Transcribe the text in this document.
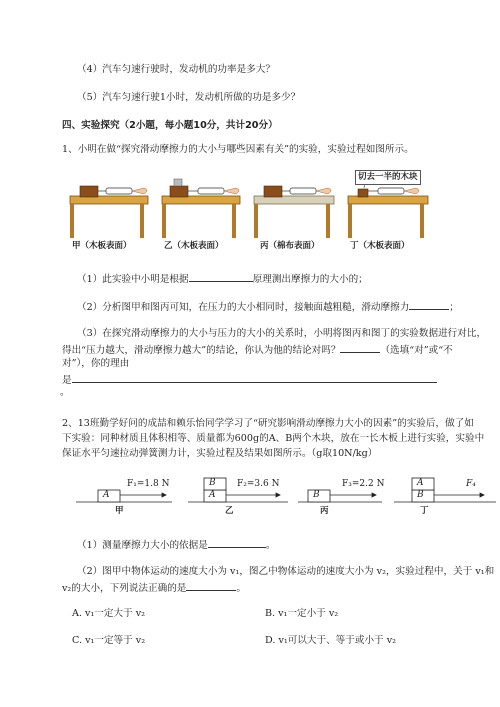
（4）汽车匀速行驶时，发动机的功率是多大？
（5）汽车匀速行驶1小时，发动机所做的功是多少？
四、实验探究（2小题，每小题10分，共计20分）
1、小明在做“探究滑动摩擦力的大小与哪些因素有关”的实验，实验过程如图所示。
切去一半的木块
甲（木板表面）	乙（木板表面）	丙（棉布表面）	丁（木板表面）
（1）此实验中小明是根据	原理测出摩擦力的大小的；
（2）分析图甲和图丙可知，在压力的大小相同时，接触面越粗糙，滑动摩擦力	；
（3）在探究滑动摩擦力的大小与压力的大小的关系时，小明将图丙和图丁的实验数据进行对比，
得出“压力越大，滑动摩擦力越大”的结论，你认为他的结论对吗？	（选填“对”或“不
对”），你的理由
是
。
2、13班勤学好问的成喆和赖乐怡同学学习了“研究影响滑动摩擦力大小的因素”的实验后，做了如
下实验：同种材质且体积相等、质量都为600g的A、B两个木块，放在一长木板上进行实验，实验中
保证水平匀速拉动弹簧测力计，实验过程及结果如图所示。（g取10N/kg）
A
F₁=1.8 N	B
A
F₂=3.6 N
B
F₃=2.2 N	A
B
F₄
甲	乙	丙	丁
（1）测量摩擦力大小的依据是	。
（2）图甲中物体运动的速度大小为 v₁，图乙中物体运动的速度大小为 v₂，实验过程中，关于 v₁和
v₂的大小，下列说法正确的是	。
A. v₁一定大于 v₂	B. v₁一定小于 v₂
C. v₁一定等于 v₂	D. v₁可以大于、等于或小于 v₂
